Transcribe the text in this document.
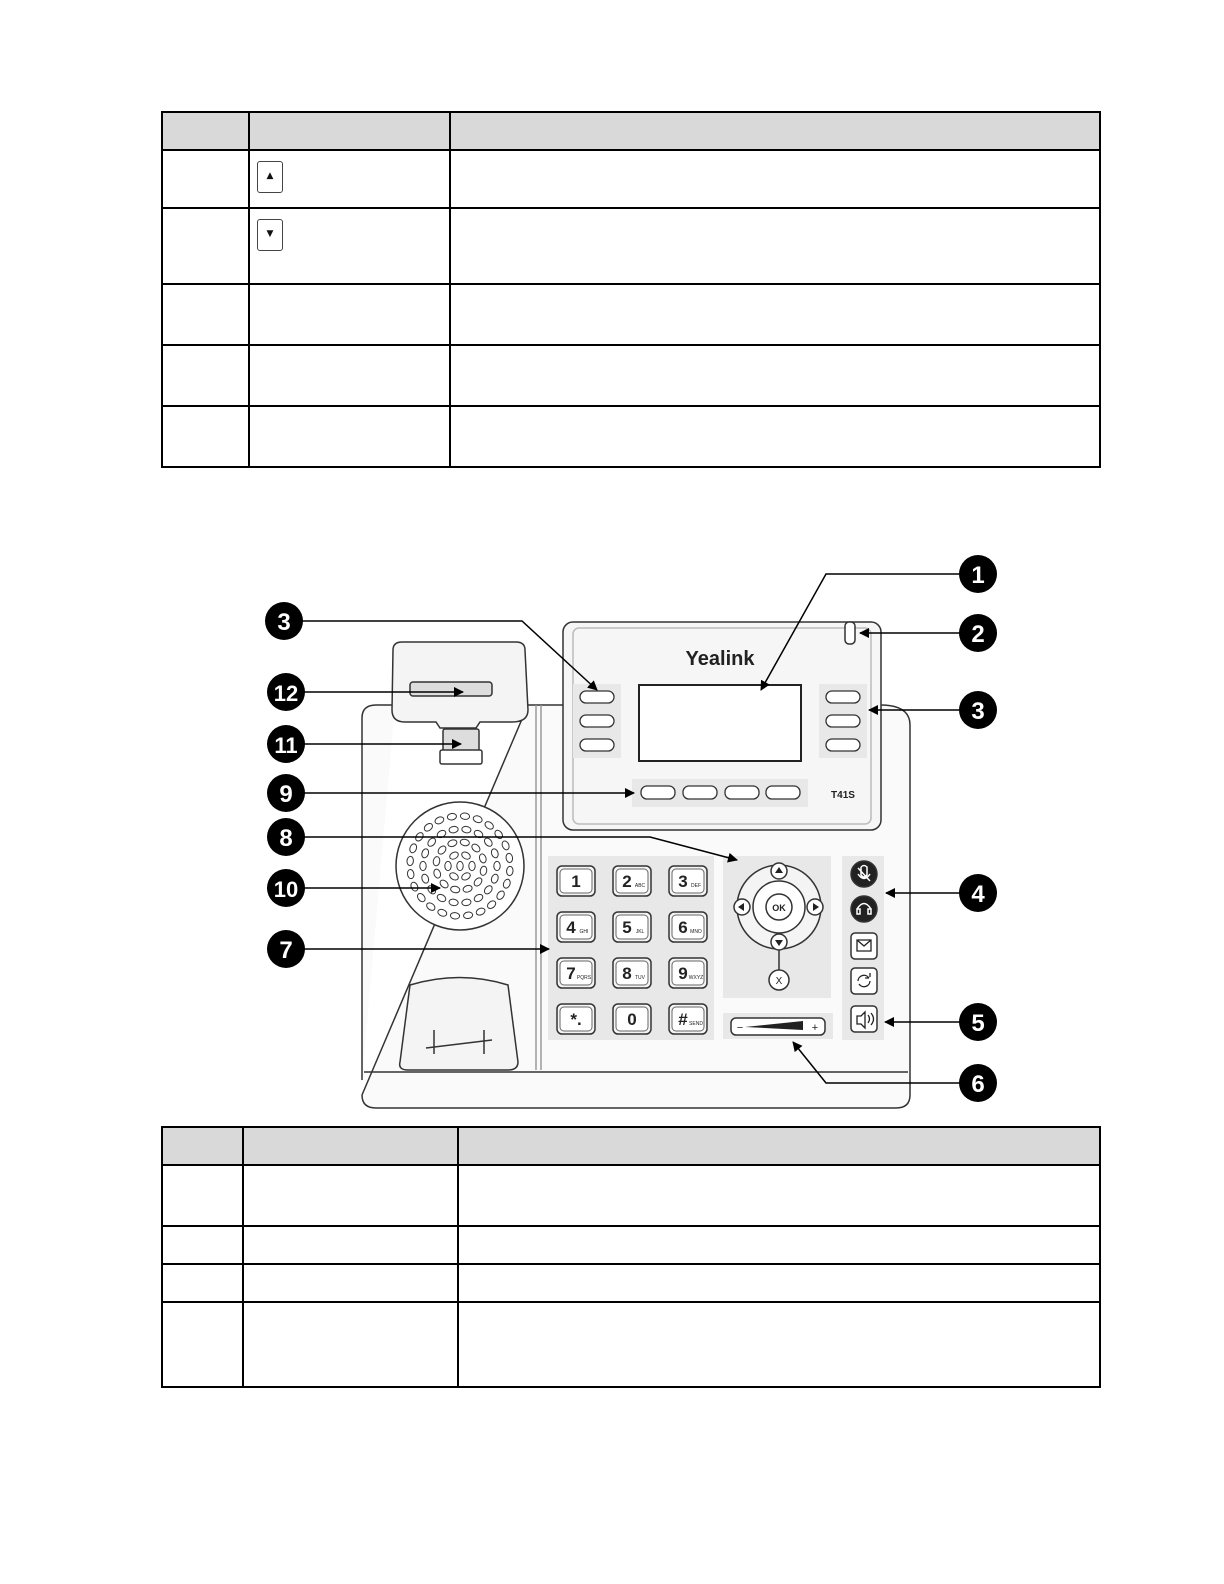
	▲	
	▼	

Yealink
T41S
1 2 ABC 3 DEF
4 GHI 5 JKL 6 MNO
7 PQRS 8 TUV 9 WXYZ
*.	0 # SEND
OK
X
−	+
1
2
3
3
4
5
6
7
8
9
10
11
12
